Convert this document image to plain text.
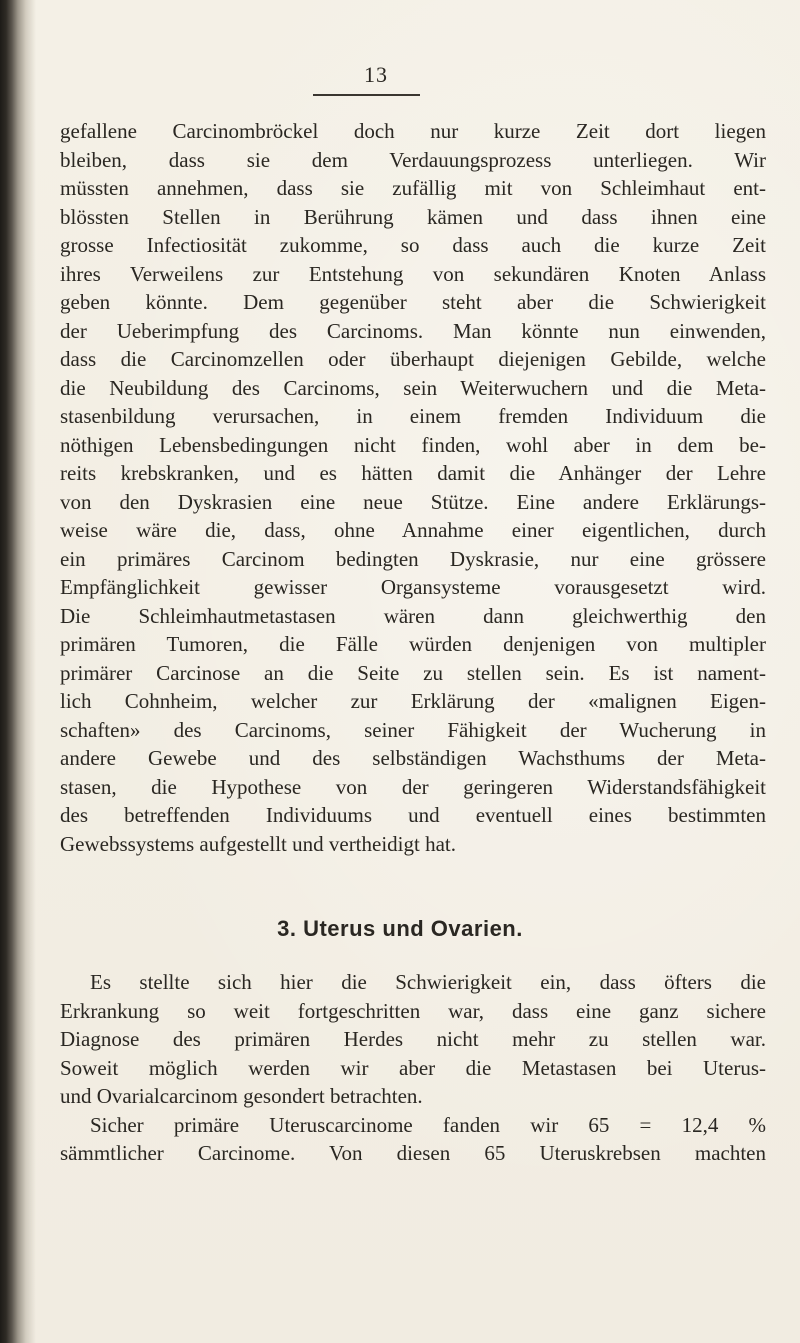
13
gefallene Carcinombröckel doch nur kurze Zeit dort liegen
bleiben, dass sie dem Verdauungsprozess unterliegen. Wir
müssten annehmen, dass sie zufällig mit von Schleimhaut ent-
blössten Stellen in Berührung kämen und dass ihnen eine
grosse Infectiosität zukomme, so dass auch die kurze Zeit
ihres Verweilens zur Entstehung von sekundären Knoten Anlass
geben könnte. Dem gegenüber steht aber die Schwierigkeit
der Ueberimpfung des Carcinoms. Man könnte nun einwenden,
dass die Carcinomzellen oder überhaupt diejenigen Gebilde, welche
die Neubildung des Carcinoms, sein Weiterwuchern und die Meta-
stasenbildung verursachen, in einem fremden Individuum die
nöthigen Lebensbedingungen nicht finden, wohl aber in dem be-
reits krebskranken, und es hätten damit die Anhänger der Lehre
von den Dyskrasien eine neue Stütze. Eine andere Erklärungs-
weise wäre die, dass, ohne Annahme einer eigentlichen, durch
ein primäres Carcinom bedingten Dyskrasie, nur eine grössere
Empfänglichkeit gewisser Organsysteme vorausgesetzt wird.
Die Schleimhautmetastasen wären dann gleichwerthig den
primären Tumoren, die Fälle würden denjenigen von multipler
primärer Carcinose an die Seite zu stellen sein. Es ist nament-
lich Cohnheim, welcher zur Erklärung der «malignen Eigen-
schaften» des Carcinoms, seiner Fähigkeit der Wucherung in
andere Gewebe und des selbständigen Wachsthums der Meta-
stasen, die Hypothese von der geringeren Widerstandsfähigkeit
des betreffenden Individuums und eventuell eines bestimmten
Gewebssystems aufgestellt und vertheidigt hat.
3. Uterus und Ovarien.
Es stellte sich hier die Schwierigkeit ein, dass öfters die
Erkrankung so weit fortgeschritten war, dass eine ganz sichere
Diagnose des primären Herdes nicht mehr zu stellen war.
Soweit möglich werden wir aber die Metastasen bei Uterus-
und Ovarialcarcinom gesondert betrachten.
Sicher primäre Uteruscarcinome fanden wir 65 = 12,4 %
sämmtlicher Carcinome. Von diesen 65 Uteruskrebsen machten
